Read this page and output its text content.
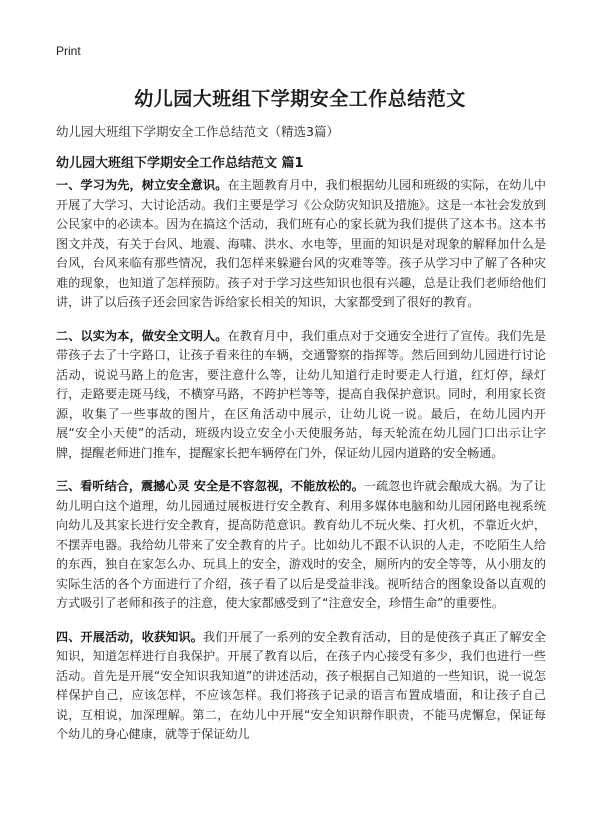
Print
幼儿园大班组下学期安全工作总结范文
幼儿园大班组下学期安全工作总结范文（精选3篇）
幼儿园大班组下学期安全工作总结范文 篇1

一、学习为先，树立安全意识。在主题教育月中，我们根据幼儿园和班级的实际，在幼儿中开展了大学习、大讨论活动。我们主要是学习《公众防灾知识及措施》。这是一本社会发放到公民家中的必读本。因为在搞这个活动，我们班有心的家长就为我们提供了这本书。这本书图文并茂，有关于台风、地震、海啸、洪水、水电等，里面的知识是对现象的解释加什么是台风，台风来临有那些情况，我们怎样来躲避台风的灾难等等。孩子从学习中了解了各种灾难的现象，也知道了怎样预防。孩子对于学习这些知识也很有兴趣，总是让我们老师给他们讲，讲了以后孩子还会回家告诉给家长相关的知识，大家都受到了很好的教育。

二、以实为本，做安全文明人。在教育月中，我们重点对于交通安全进行了宣传。我们先是带孩子去了十字路口，让孩子看来往的车辆，交通警察的指挥等。然后回到幼儿园进行讨论活动，说说马路上的危害，要注意什么等，让幼儿知道行走时要走人行道，红灯停，绿灯行，走路要走斑马线，不横穿马路，不跨护栏等等，提高自我保护意识。同时，利用家长资源，收集了一些事故的图片，在区角活动中展示，让幼儿说一说。最后，在幼儿园内开展“安全小天使”的活动，班级内设立安全小天使服务站，每天轮流在幼儿园门口出示让字牌，提醒老师进门推车，提醒家长把车辆停在门外，保证幼儿园内道路的安全畅通。

三、看听结合，震撼心灵 安全是不容忽视，不能放松的。一疏忽也许就会酿成大祸。为了让幼儿明白这个道理，幼儿园通过展板进行安全教育、利用多媒体电脑和幼儿园闭路电视系统向幼儿及其家长进行安全教育，提高防范意识。教育幼儿不玩火柴、打火机，不靠近火炉，不摆弄电器。我给幼儿带来了安全教育的片子。比如幼儿不跟不认识的人走，不吃陌生人给的东西，独自在家怎么办、玩具上的安全，游戏时的安全，厕所内的安全等等，从小朋友的实际生活的各个方面进行了介绍，孩子看了以后是受益非浅。视听结合的图象设备以直观的方式吸引了老师和孩子的注意，使大家都感受到了“注意安全，珍惜生命”的重要性。

四、开展活动，收获知识。我们开展了一系列的安全教育活动，目的是使孩子真正了解安全知识，知道怎样进行自我保护。开展了教育以后，在孩子内心接受有多少，我们也进行一些活动。首先是开展“安全知识我知道”的讲述活动，孩子根据自己知道的一些知识，说一说怎样保护自己，应该怎样，不应该怎样。我们将孩子记录的语言布置成墙面，和让孩子自己说，互相说，加深理解。第二，在幼儿中开展“安全知识辩作职责，不能马虎懈怠，保证每个幼儿的身心健康，就等于保证幼儿
